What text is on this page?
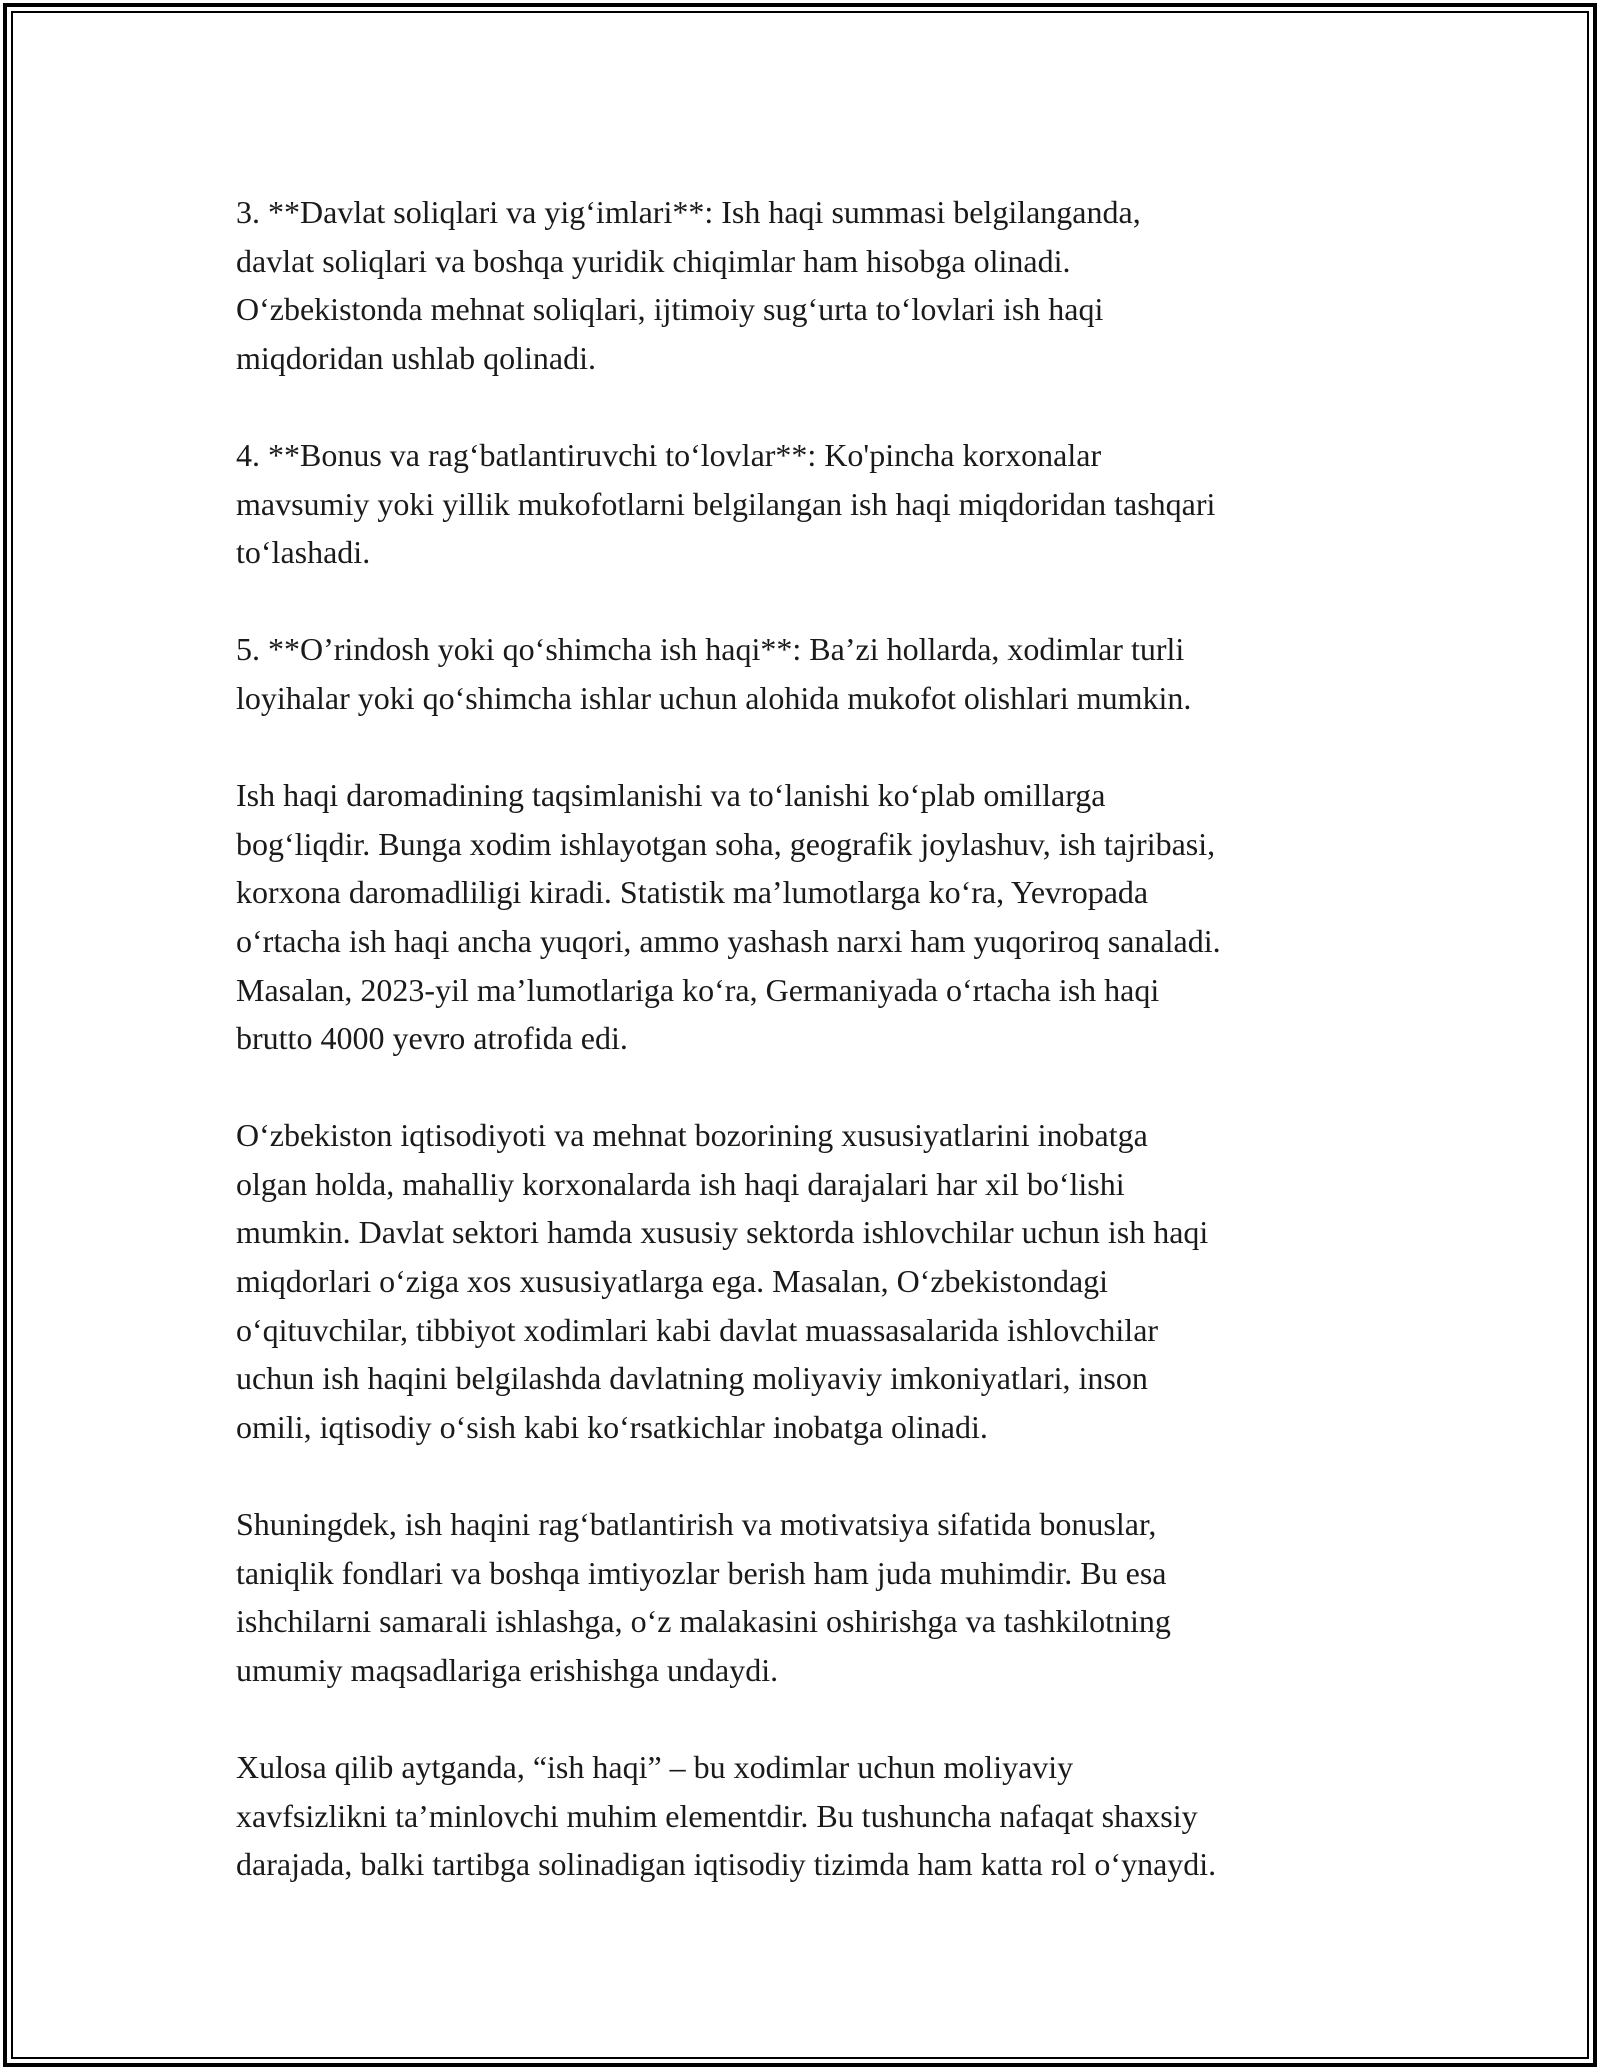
3. **Davlat soliqlari va yig‘imlari**: Ish haqi summasi belgilanganda,
davlat soliqlari va boshqa yuridik chiqimlar ham hisobga olinadi.
O‘zbekistonda mehnat soliqlari, ijtimoiy sug‘urta to‘lovlari ish haqi
miqdoridan ushlab qolinadi.

4. **Bonus va rag‘batlantiruvchi to‘lovlar**: Ko'pincha korxonalar
mavsumiy yoki yillik mukofotlarni belgilangan ish haqi miqdoridan tashqari
to‘lashadi.

5. **O’rindosh yoki qo‘shimcha ish haqi**: Ba’zi hollarda, xodimlar turli
loyihalar yoki qo‘shimcha ishlar uchun alohida mukofot olishlari mumkin.

Ish haqi daromadining taqsimlanishi va to‘lanishi ko‘plab omillarga
bog‘liqdir. Bunga xodim ishlayotgan soha, geografik joylashuv, ish tajribasi,
korxona daromadliligi kiradi. Statistik ma’lumotlarga ko‘ra, Yevropada
o‘rtacha ish haqi ancha yuqori, ammo yashash narxi ham yuqoriroq sanaladi.
Masalan, 2023-yil ma’lumotlariga ko‘ra, Germaniyada o‘rtacha ish haqi
brutto 4000 yevro atrofida edi.

O‘zbekiston iqtisodiyoti va mehnat bozorining xususiyatlarini inobatga
olgan holda, mahalliy korxonalarda ish haqi darajalari har xil bo‘lishi
mumkin. Davlat sektori hamda xususiy sektorda ishlovchilar uchun ish haqi
miqdorlari o‘ziga xos xususiyatlarga ega. Masalan, O‘zbekistondagi
o‘qituvchilar, tibbiyot xodimlari kabi davlat muassasalarida ishlovchilar
uchun ish haqini belgilashda davlatning moliyaviy imkoniyatlari, inson
omili, iqtisodiy o‘sish kabi ko‘rsatkichlar inobatga olinadi.

Shuningdek, ish haqini rag‘batlantirish va motivatsiya sifatida bonuslar,
taniqlik fondlari va boshqa imtiyozlar berish ham juda muhimdir. Bu esa
ishchilarni samarali ishlashga, o‘z malakasini oshirishga va tashkilotning
umumiy maqsadlariga erishishga undaydi.

Xulosa qilib aytganda, “ish haqi” – bu xodimlar uchun moliyaviy
xavfsizlikni ta’minlovchi muhim elementdir. Bu tushuncha nafaqat shaxsiy
darajada, balki tartibga solinadigan iqtisodiy tizimda ham katta rol o‘ynaydi.
